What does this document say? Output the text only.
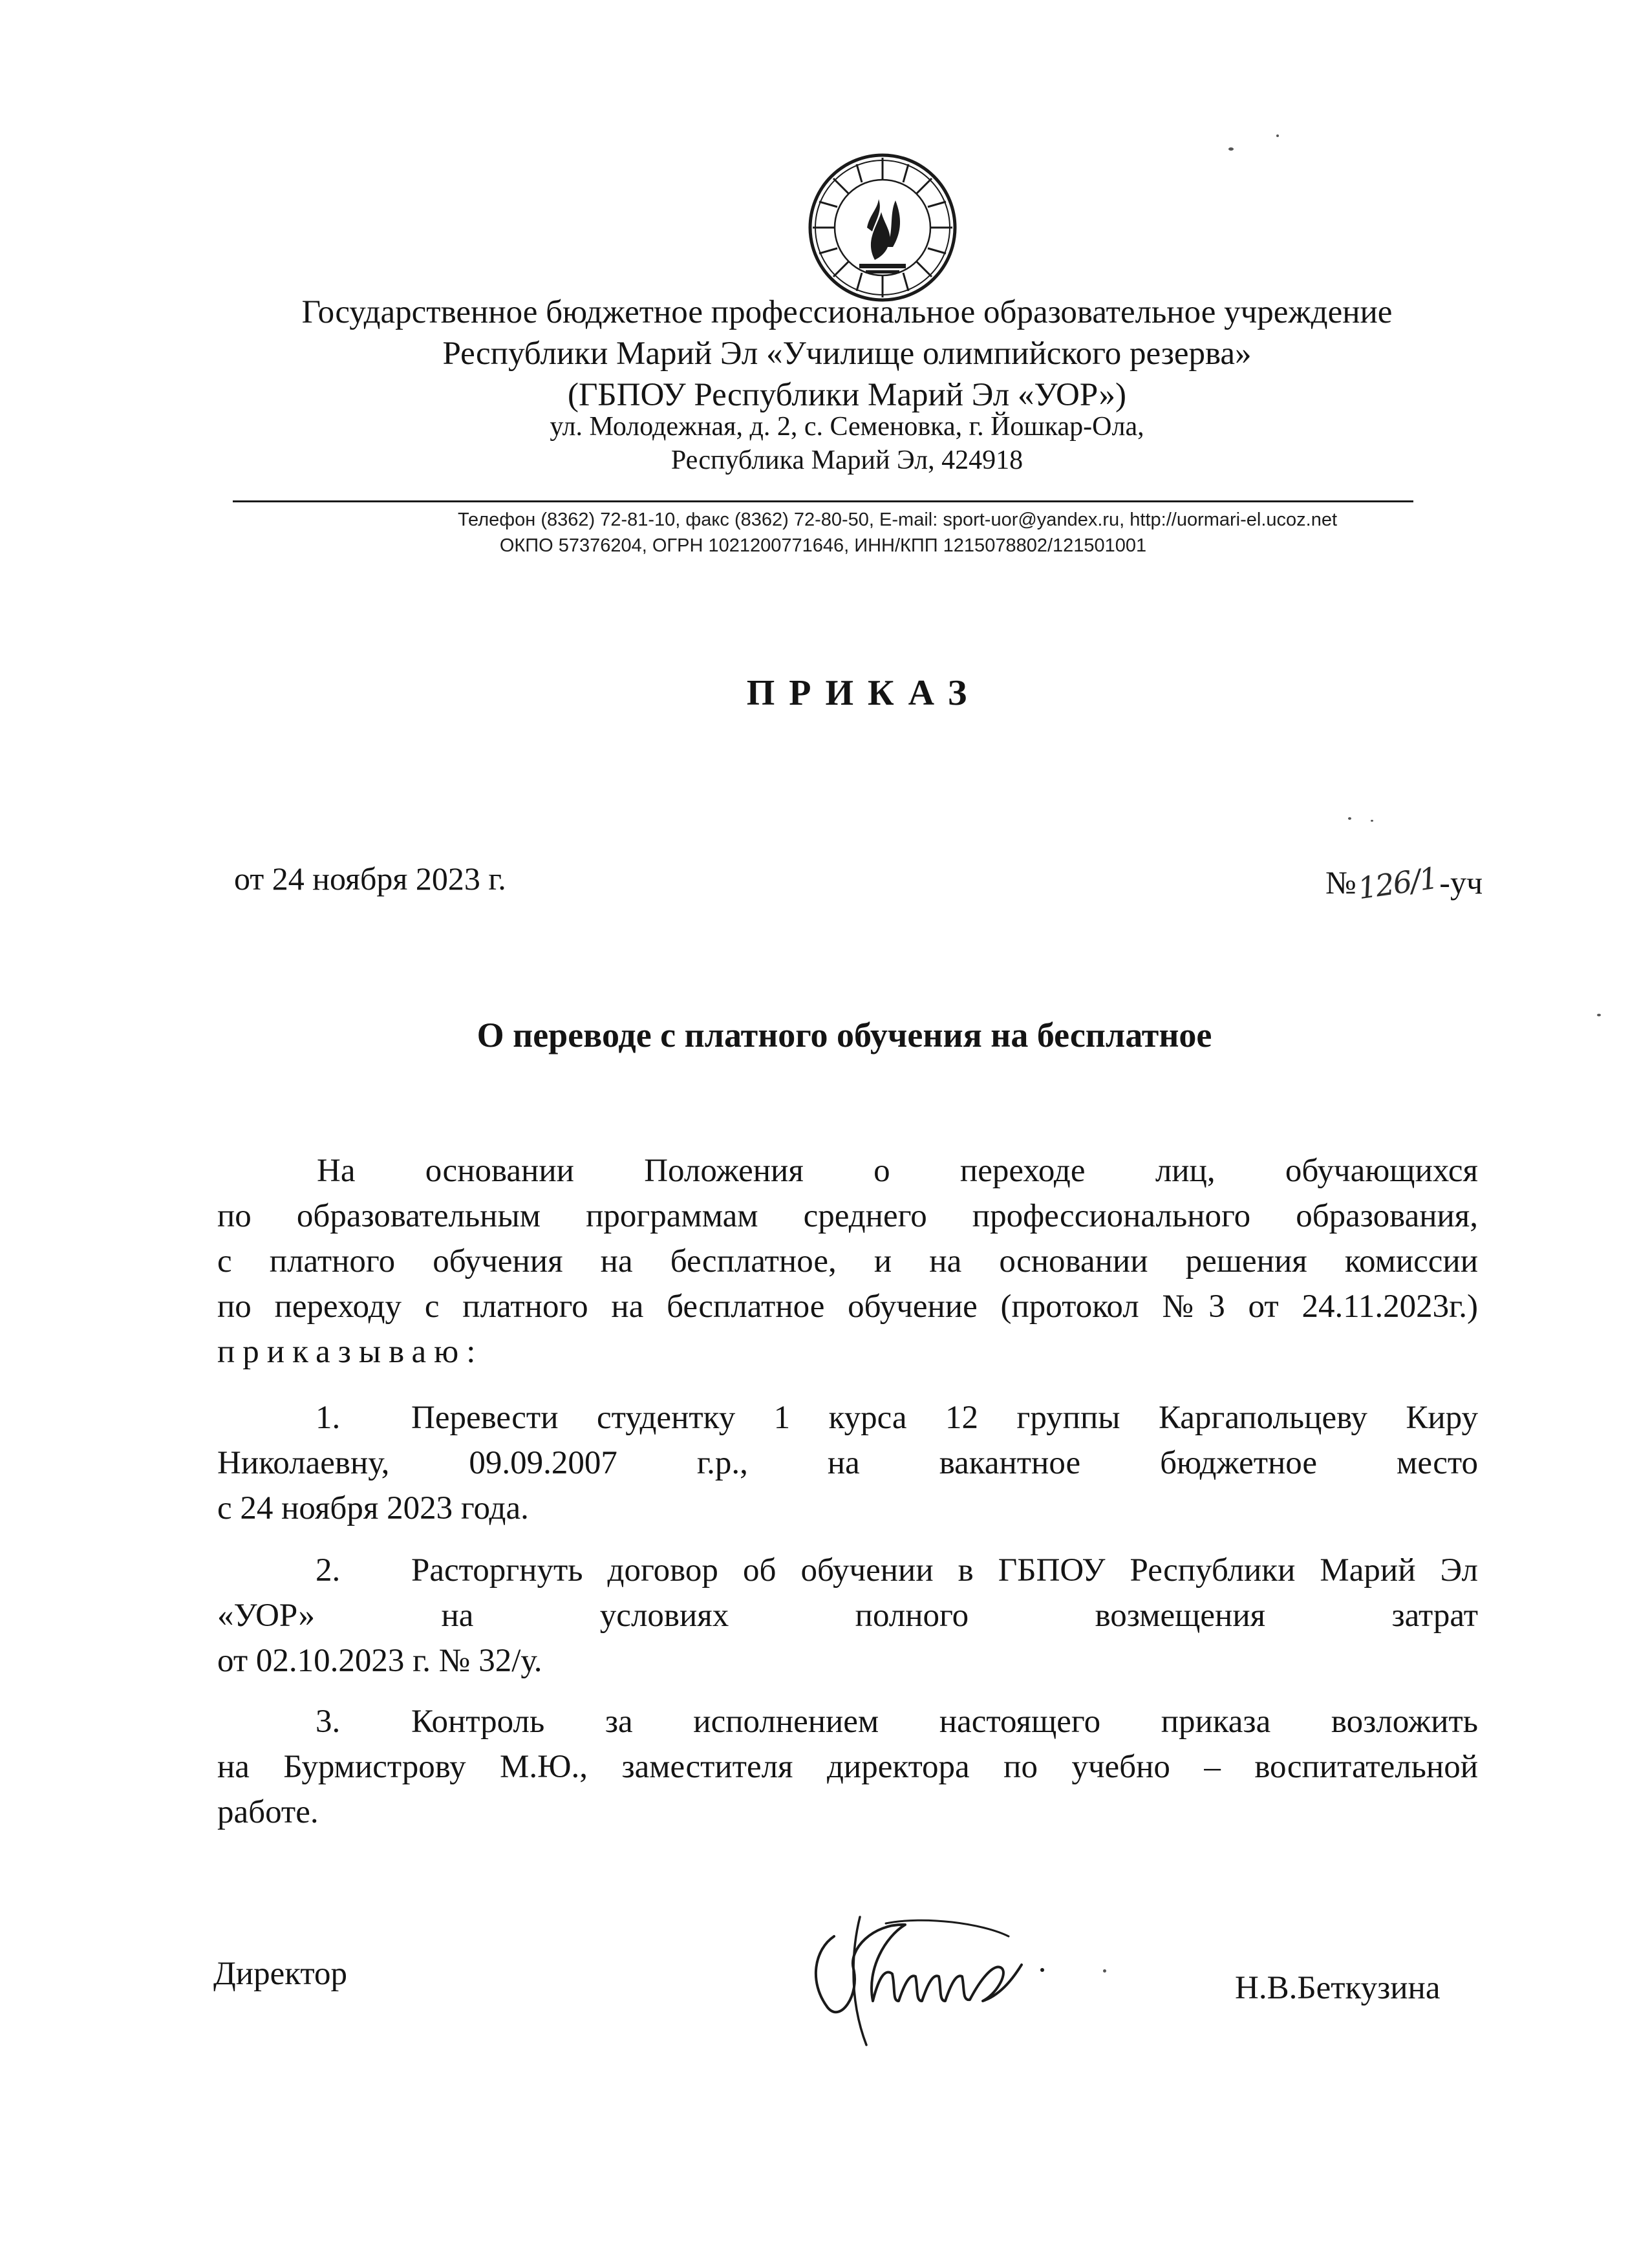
Государственное бюджетное профессиональное образовательное учреждение
Республики Марий Эл «Училище олимпийского резерва»
(ГБПОУ Республики Марий Эл «УОР»)
ул. Молодежная, д. 2, с. Семеновка, г. Йошкар-Ола,
Республика Марий Эл, 424918
Телефон (8362) 72-81-10, факс (8362) 72-80-50, E-mail: sport-uor@yandex.ru, http://uormari-el.ucoz.net
ОКПО 57376204, ОГРН 1021200771646, ИНН/КПП 1215078802/121501001
ПРИКАЗ
от 24 ноября 2023 г.	№126/1-уч
О переводе с платного обучения на бесплатное
На основании Положения о переходе лиц, обучающихся
по образовательным программам среднего профессионального образования,
с платного обучения на бесплатное, и на основании решения комиссии
по переходу с платного на бесплатное обучение (протокол №3 от 24.11.2023г.)
приказываю:
1. Перевести студентку 1 курса 12 группы Каргапольцеву Киру
Николаевну, 09.09.2007 г.р., на вакантное бюджетное место
с 24 ноября 2023 года.
2. Расторгнуть договор об обучении в ГБПОУ Республики Марий Эл
«УОР» на условиях полного возмещения затрат
от 02.10.2023 г. № 32/у.
3. Контроль за исполнением настоящего приказа возложить
на Бурмистрову М.Ю., заместителя директора по учебно – воспитательной
работе.
Директор	Н.В.Беткузина
